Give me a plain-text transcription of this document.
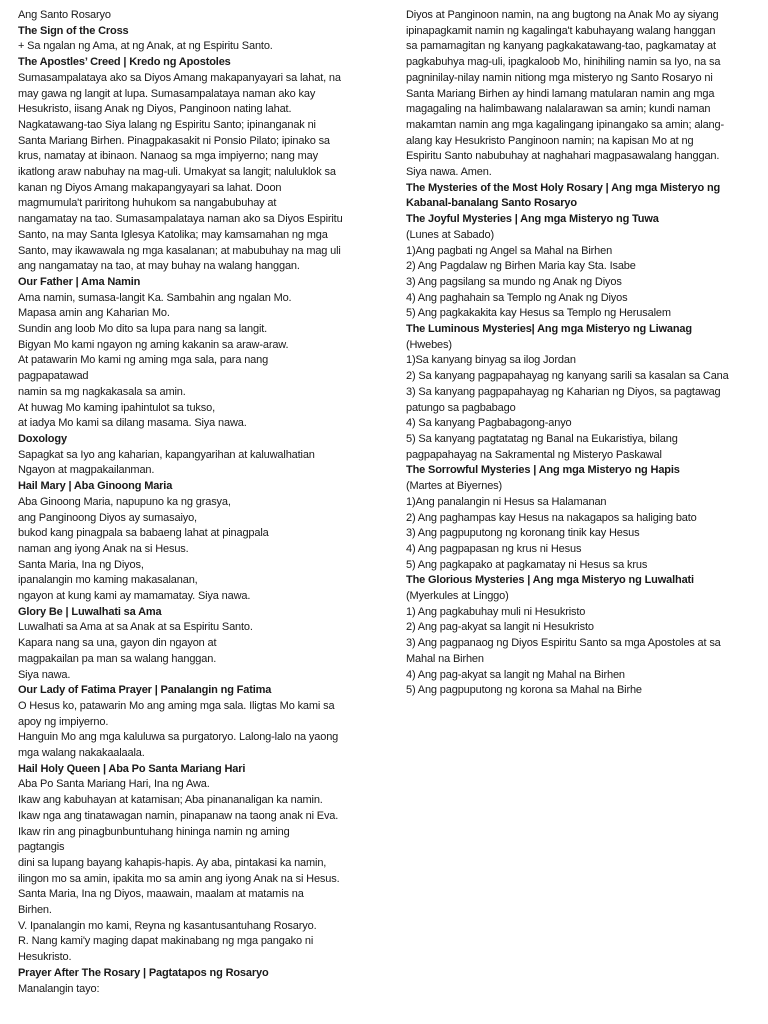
Ang Santo Rosaryo
The Sign of the Cross
+ Sa ngalan ng Ama, at ng Anak, at ng Espiritu Santo.
The Apostles’ Creed | Kredo ng Apostoles
Sumasampalataya ako sa Diyos Amang makapanyayari sa lahat, na
may gawa ng langit at lupa. Sumasampalataya naman ako kay
Hesukristo, iisang Anak ng Diyos, Panginoon nating lahat.
Nagkatawang-tao Siya lalang ng Espiritu Santo; ipinanganak ni
Santa Mariang Birhen. Pinagpakasakit ni Ponsio Pilato; ipinako sa
krus, namatay at ibinaon. Nanaog sa mga impiyerno; nang may
ikatlong araw nabuhay na mag-uli. Umakyat sa langit; naluluklok sa
kanan ng Diyos Amang makapangyayari sa lahat. Doon
magmumula't pariritong huhukom sa nangabubuhay at
nangamatay na tao. Sumasampalataya naman ako sa Diyos Espiritu
Santo, na may Santa Iglesya Katolika; may kamsamahan ng mga
Santo, may ikawawala ng mga kasalanan; at mabubuhay na mag uli
ang nangamatay na tao, at may buhay na walang hanggan.
Our Father | Ama Namin
Ama namin, sumasa-langit Ka. Sambahin ang ngalan Mo.
Mapasa amin ang Kaharian Mo.
Sundin ang loob Mo dito sa lupa para nang sa langit.
Bigyan Mo kami ngayon ng aming kakanin sa araw-araw.
At patawarin Mo kami ng aming mga sala, para nang
pagpapatawad
namin sa mg nagkakasala sa amin.
At huwag Mo kaming ipahintulot sa tukso,
at iadya Mo kami sa dilang masama. Siya nawa.
Doxology
Sapagkat sa Iyo ang kaharian, kapangyarihan at kaluwalhatian
Ngayon at magpakailanman.
Hail Mary | Aba Ginoong Maria
Aba Ginoong Maria, napupuno ka ng grasya,
ang Panginoong Diyos ay sumasaiyo,
bukod kang pinagpala sa babaeng lahat at pinagpala
naman ang iyong Anak na si Hesus.
Santa Maria, Ina ng Diyos,
ipanalangin mo kaming makasalanan,
ngayon at kung kami ay mamamatay. Siya nawa.
Glory Be | Luwalhati sa Ama
Luwalhati sa Ama at sa Anak at sa Espiritu Santo.
Kapara nang sa una, gayon din ngayon at
magpakailan pa man sa walang hanggan.
Siya nawa.
Our Lady of Fatima Prayer | Panalangin ng Fatima
O Hesus ko, patawarin Mo ang aming mga sala. Iligtas Mo kami sa
apoy ng impiyerno.
Hanguin Mo ang mga kaluluwa sa purgatoryo. Lalong-lalo na yaong
mga walang nakakaalaala.
Hail Holy Queen | Aba Po Santa Mariang Hari
Aba Po Santa Mariang Hari, Ina ng Awa.
Ikaw ang kabuhayan at katamisan; Aba pinananaligan ka namin.
Ikaw nga ang tinatawagan namin, pinapanaw na taong anak ni Eva.
Ikaw rin ang pinagbunbuntuhang hininga namin ng aming
pagtangis
dini sa lupang bayang kahapis-hapis. Ay aba, pintakasi ka namin,
ilingon mo sa amin, ipakita mo sa amin ang iyong Anak na si Hesus.
Santa Maria, Ina ng Diyos, maawain, maalam at matamis na
Birhen.
V. Ipanalangin mo kami, Reyna ng kasantusantuhang Rosaryo.
R. Nang kami'y maging dapat makinabang ng mga pangako ni
Hesukristo.
Prayer After The Rosary | Pagtatapos ng Rosaryo
Manalangin tayo:
Diyos at Panginoon namin, na ang bugtong na Anak Mo ay siyang
ipinapagkamit namin ng kagalinga't kabuhayang walang hanggan
sa pamamagitan ng kanyang pagkakatawang-tao, pagkamatay at
pagkabuhya mag-uli, ipagkaloob Mo, hinihiling namin sa Iyo, na sa
pagninilay-nilay namin nitiong mga misteryo ng Santo Rosaryo ni
Santa Mariang Birhen ay hindi lamang matularan namin ang mga
magagaling na halimbawang nalalarawan sa amin; kundi naman
makamtan namin ang mga kagalingang ipinangako sa amin; alang-
alang kay Hesukristo Panginoon namin; na kapisan Mo at ng
Espiritu Santo nabubuhay at naghahari magpasawalang hanggan.
Siya nawa. Amen.
The Mysteries of the Most Holy Rosary | Ang mga Misteryo ng
Kabanal-banalang Santo Rosaryo
The Joyful Mysteries | Ang mga Misteryo ng Tuwa
(Lunes at Sabado)
1)Ang pagbati ng Angel sa Mahal na Birhen
2) Ang Pagdalaw ng Birhen Maria kay Sta. Isabe
3) Ang pagsilang sa mundo ng Anak ng Diyos
4) Ang paghahain sa Templo ng Anak ng Diyos
5) Ang pagkakakita kay Hesus sa Templo ng Herusalem
The Luminous Mysteries| Ang mga Misteryo ng Liwanag
(Hwebes)
1)Sa kanyang binyag sa ilog Jordan
2) Sa kanyang pagpapahayag ng kanyang sarili sa kasalan sa Cana
3) Sa kanyang pagpapahayag ng Kaharian ng Diyos, sa pagtawag
patungo sa pagbabago
4) Sa kanyang Pagbabagong-anyo
5) Sa kanyang pagtatatag ng Banal na Eukaristiya, bilang
pagpapahayag na Sakramental ng Misteryo Paskawal
The Sorrowful Mysteries | Ang mga Misteryo ng Hapis
(Martes at Biyernes)
1)Ang panalangin ni Hesus sa Halamanan
2) Ang paghampas kay Hesus na nakagapos sa haliging bato
3) Ang pagpuputong ng koronang tinik kay Hesus
4) Ang pagpapasan ng krus ni Hesus
5) Ang pagkapako at pagkamatay ni Hesus sa krus
The Glorious Mysteries | Ang mga Misteryo ng Luwalhati
(Myerkules at Linggo)
1) Ang pagkabuhay muli ni Hesukristo
2) Ang pag-akyat sa langit ni Hesukristo
3) Ang pagpanaog ng Diyos Espiritu Santo sa mga Apostoles at sa
Mahal na Birhen
4) Ang pag-akyat sa langit ng Mahal na Birhen
5) Ang pagpuputong ng korona sa Mahal na Birhe
